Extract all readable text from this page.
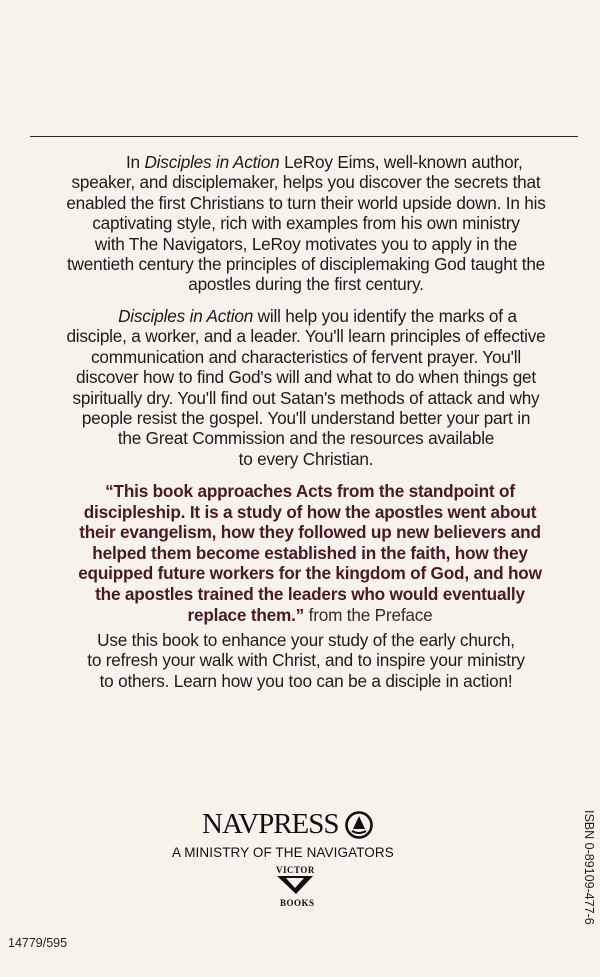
In Disciples in Action LeRoy Eims, well-known author,
speaker, and disciplemaker, helps you discover the secrets that
enabled the first Christians to turn their world upside down. In his
captivating style, rich with examples from his own ministry
with The Navigators, LeRoy motivates you to apply in the
twentieth century the principles of disciplemaking God taught the
apostles during the first century.
Disciples in Action will help you identify the marks of a
disciple, a worker, and a leader. You'll learn principles of effective
communication and characteristics of fervent prayer. You'll
discover how to find God's will and what to do when things get
spiritually dry. You'll find out Satan's methods of attack and why
people resist the gospel. You'll understand better your part in
the Great Commission and the resources available
to every Christian.
“This book approaches Acts from the standpoint of
discipleship. It is a study of how the apostles went about
their evangelism, how they followed up new believers and
helped them become established in the faith, how they
equipped future workers for the kingdom of God, and how
the apostles trained the leaders who would eventually
replace them.” from the Preface
Use this book to enhance your study of the early church,
to refresh your walk with Christ, and to inspire your ministry
to others. Learn how you too can be a disciple in action!
NAVPRESS
A MINISTRY OF THE NAVIGATORS
VICTOR
BOOKS	ISBN 0-89109-477-6
14779/595
